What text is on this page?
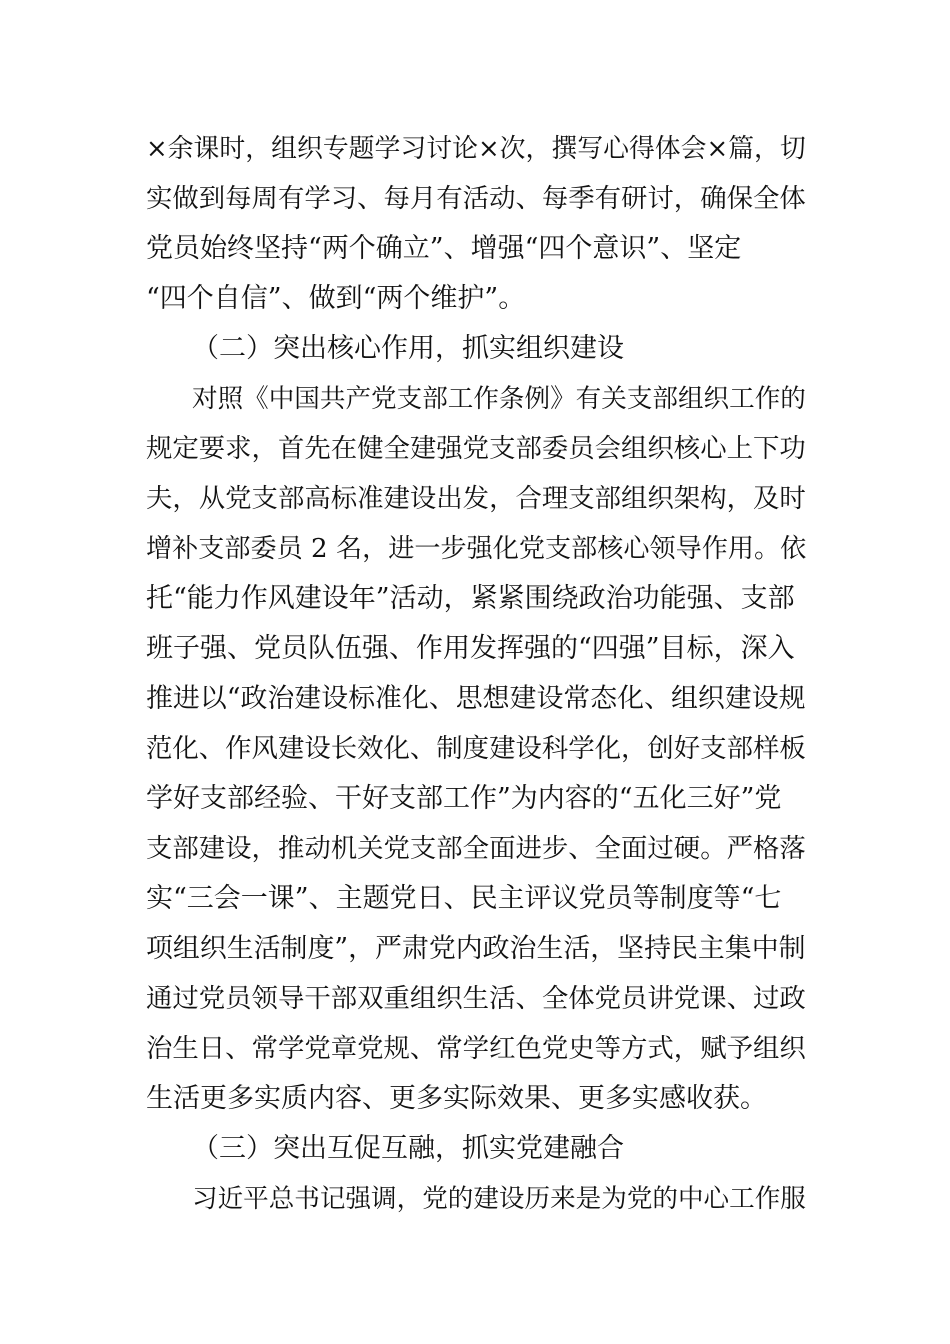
×余课时，组织专题学习讨论×次，撰写心得体会×篇，切
实做到每周有学习、每月有活动、每季有研讨，确保全体
党员始终坚持“两个确立”、增强“四个意识”、坚定
“四个自信”、做到“两个维护”。
（二）突出核心作用，抓实组织建设
对照《中国共产党支部工作条例》有关支部组织工作的
规定要求，首先在健全建强党支部委员会组织核心上下功
夫，从党支部高标准建设出发，合理支部组织架构，及时
增补支部委员 2 名，进一步强化党支部核心领导作用。依
托“能力作风建设年”活动，紧紧围绕政治功能强、支部
班子强、党员队伍强、作用发挥强的“四强”目标，深入
推进以“政治建设标准化、思想建设常态化、组织建设规
范化、作风建设长效化、制度建设科学化，创好支部样板
学好支部经验、干好支部工作”为内容的“五化三好”党
支部建设，推动机关党支部全面进步、全面过硬。严格落
实“三会一课”、主题党日、民主评议党员等制度等“七
项组织生活制度”，严肃党内政治生活，坚持民主集中制
通过党员领导干部双重组织生活、全体党员讲党课、过政
治生日、常学党章党规、常学红色党史等方式，赋予组织
生活更多实质内容、更多实际效果、更多实感收获。
（三）突出互促互融，抓实党建融合
习近平总书记强调，党的建设历来是为党的中心工作服
